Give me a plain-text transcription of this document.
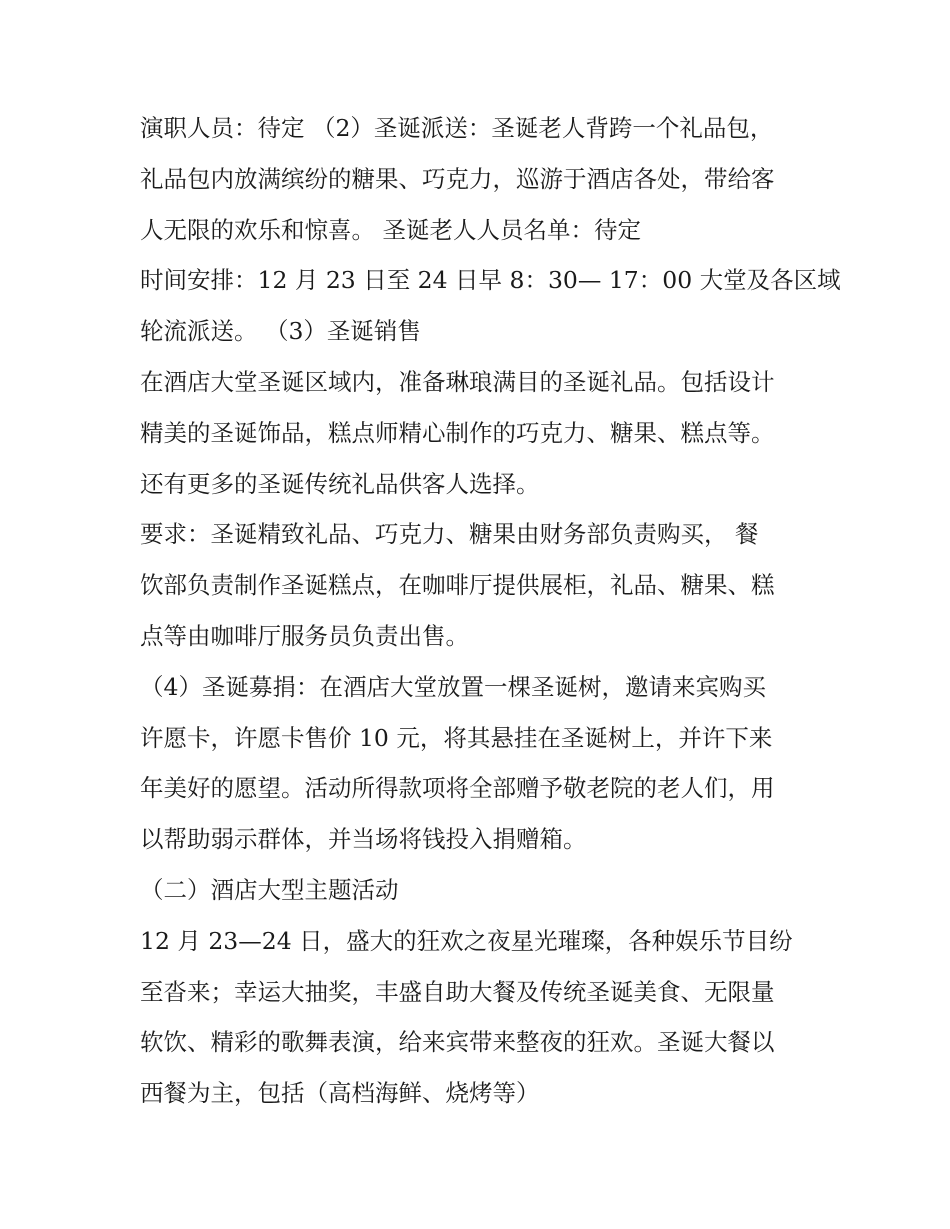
演职人员：待定 （2）圣诞派送：圣诞老人背跨一个礼品包，
礼品包内放满缤纷的糖果、巧克力，巡游于酒店各处，带给客
人无限的欢乐和惊喜。 圣诞老人人员名单：待定
时间安排：12 月 23 日至 24 日早 8：30— 17：00 大堂及各区域
轮流派送。 （3）圣诞销售
在酒店大堂圣诞区域内，准备琳琅满目的圣诞礼品。包括设计
精美的圣诞饰品，糕点师精心制作的巧克力、糖果、糕点等。
还有更多的圣诞传统礼品供客人选择。
要求：圣诞精致礼品、巧克力、糖果由财务部负责购买， 餐
饮部负责制作圣诞糕点，在咖啡厅提供展柜，礼品、糖果、糕
点等由咖啡厅服务员负责出售。
（4）圣诞募捐：在酒店大堂放置一棵圣诞树，邀请来宾购买
许愿卡，许愿卡售价 10 元，将其悬挂在圣诞树上，并许下来
年美好的愿望。活动所得款项将全部赠予敬老院的老人们，用
以帮助弱示群体，并当场将钱投入捐赠箱。
（二）酒店大型主题活动
12 月 23—24 日，盛大的狂欢之夜星光璀璨，各种娱乐节目纷
至沓来；幸运大抽奖，丰盛自助大餐及传统圣诞美食、无限量
软饮、精彩的歌舞表演，给来宾带来整夜的狂欢。圣诞大餐以
西餐为主，包括（高档海鲜、烧烤等）
